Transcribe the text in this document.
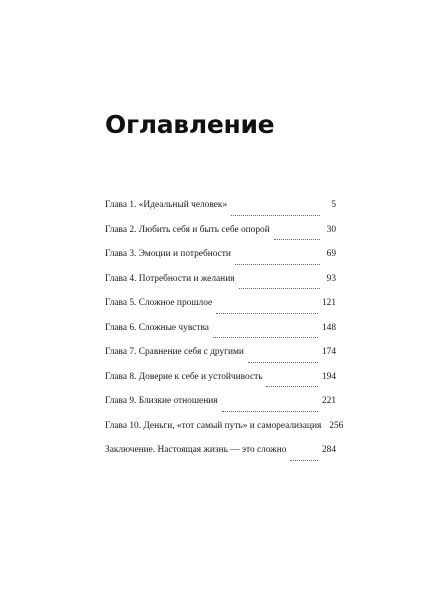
Оглавление
Глава 1. «Идеальный человек»	5
Глава 2. Любить себя и быть себе опорой	30
Глава 3. Эмоции и потребности	69
Глава 4. Потребности и желания	93
Глава 5. Сложное прошлое	121
Глава 6. Сложные чувства	148
Глава 7. Сравнение себя с другими	174
Глава 8. Доверие к себе и устойчивость	194
Глава 9. Близкие отношения	221
Глава 10. Деньги, «тот самый путь» и самореализация 256
Заключение. Настоящая жизнь — это сложно	284
